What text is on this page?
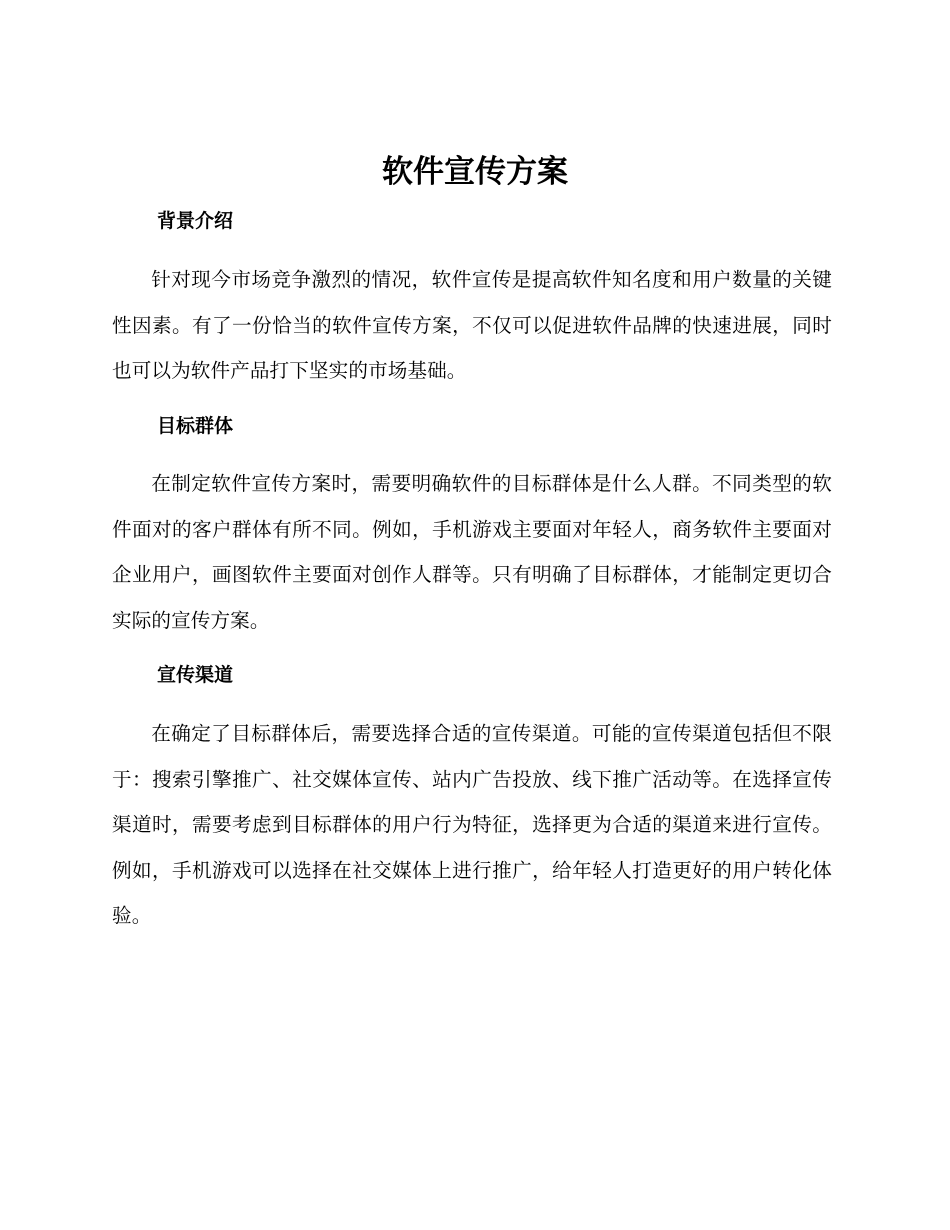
软件宣传方案
背景介绍

针对现今市场竞争激烈的情况，软件宣传是提高软件知名度和用户数量的关键性因素。有了一份恰当的软件宣传方案，不仅可以促进软件品牌的快速进展，同时也可以为软件产品打下坚实的市场基础。

目标群体

在制定软件宣传方案时，需要明确软件的目标群体是什么人群。不同类型的软件面对的客户群体有所不同。例如，手机游戏主要面对年轻人，商务软件主要面对企业用户，画图软件主要面对创作人群等。只有明确了目标群体，才能制定更切合实际的宣传方案。

宣传渠道

在确定了目标群体后，需要选择合适的宣传渠道。可能的宣传渠道包括但不限于：搜索引擎推广、社交媒体宣传、站内广告投放、线下推广活动等。在选择宣传渠道时，需要考虑到目标群体的用户行为特征，选择更为合适的渠道来进行宣传。例如，手机游戏可以选择在社交媒体上进行推广，给年轻人打造更好的用户转化体验。
